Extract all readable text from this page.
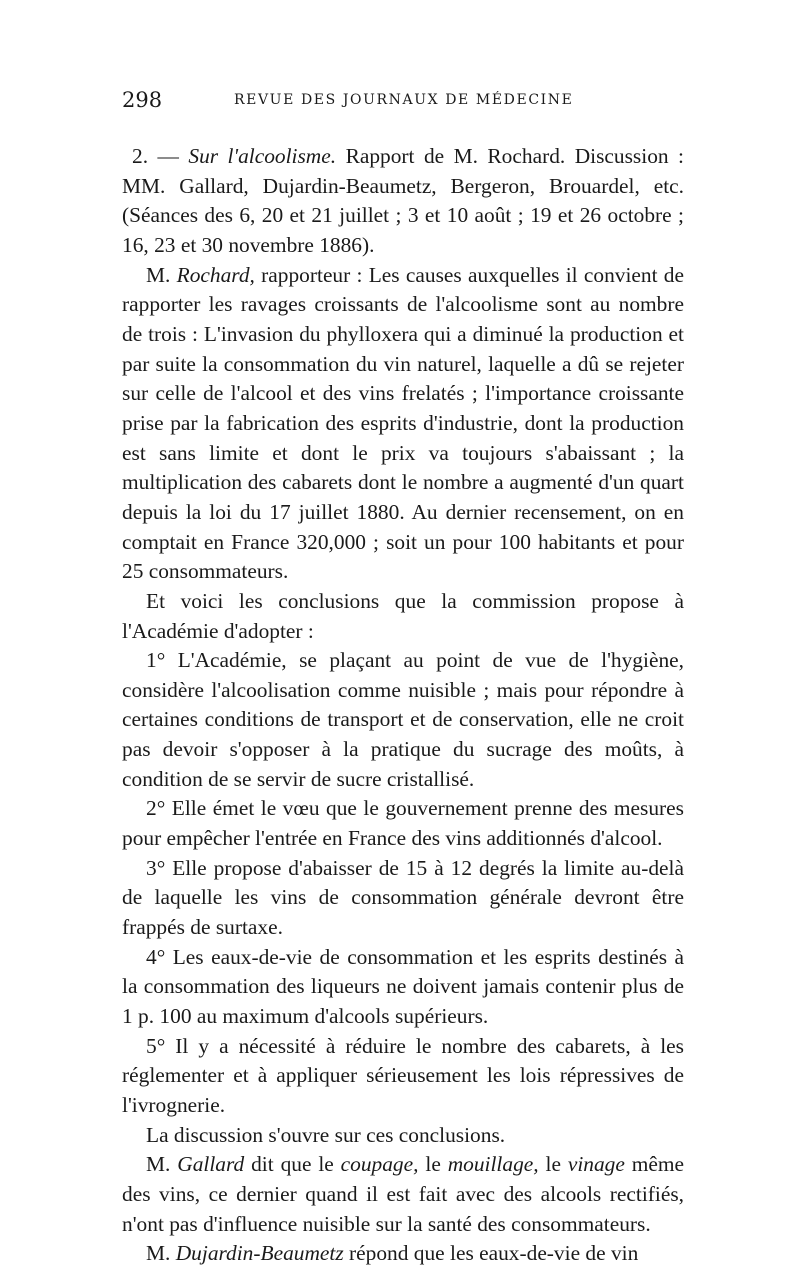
298	REVUE DES JOURNAUX DE MÉDECINE

2. — Sur l'alcoolisme. Rapport de M. Rochard. Discussion : MM. Gallard, Dujardin-Beaumetz, Bergeron, Brouardel, etc. (Séances des 6, 20 et 21 juillet ; 3 et 10 août ; 19 et 26 octobre ; 16, 23 et 30 novembre 1886).

M. Rochard, rapporteur : Les causes auxquelles il convient de rapporter les ravages croissants de l'alcoolisme sont au nombre de trois : L'invasion du phylloxera qui a diminué la production et par suite la consommation du vin naturel, laquelle a dû se rejeter sur celle de l'alcool et des vins frelatés ; l'importance croissante prise par la fabrication des esprits d'industrie, dont la production est sans limite et dont le prix va toujours s'abaissant ; la multiplication des cabarets dont le nombre a augmenté d'un quart depuis la loi du 17 juillet 1880. Au dernier recensement, on en comptait en France 320,000 ; soit un pour 100 habitants et pour 25 consommateurs.

Et voici les conclusions que la commission propose à l'Académie d'adopter :

1° L'Académie, se plaçant au point de vue de l'hygiène, considère l'alcoolisation comme nuisible ; mais pour répondre à certaines conditions de transport et de conservation, elle ne croit pas devoir s'opposer à la pratique du sucrage des moûts, à condition de se servir de sucre cristallisé.

2° Elle émet le vœu que le gouvernement prenne des mesures pour empêcher l'entrée en France des vins additionnés d'alcool.

3° Elle propose d'abaisser de 15 à 12 degrés la limite au-delà de laquelle les vins de consommation générale devront être frappés de surtaxe.

4° Les eaux-de-vie de consommation et les esprits destinés à la consommation des liqueurs ne doivent jamais contenir plus de 1 p. 100 au maximum d'alcools supérieurs.

5° Il y a nécessité à réduire le nombre des cabarets, à les réglementer et à appliquer sérieusement les lois répressives de l'ivrognerie.

La discussion s'ouvre sur ces conclusions.

M. Gallard dit que le coupage, le mouillage, le vinage même des vins, ce dernier quand il est fait avec des alcools rectifiés, n'ont pas d'influence nuisible sur la santé des consommateurs.

M. Dujardin-Beaumetz répond que les eaux-de-vie de vin
